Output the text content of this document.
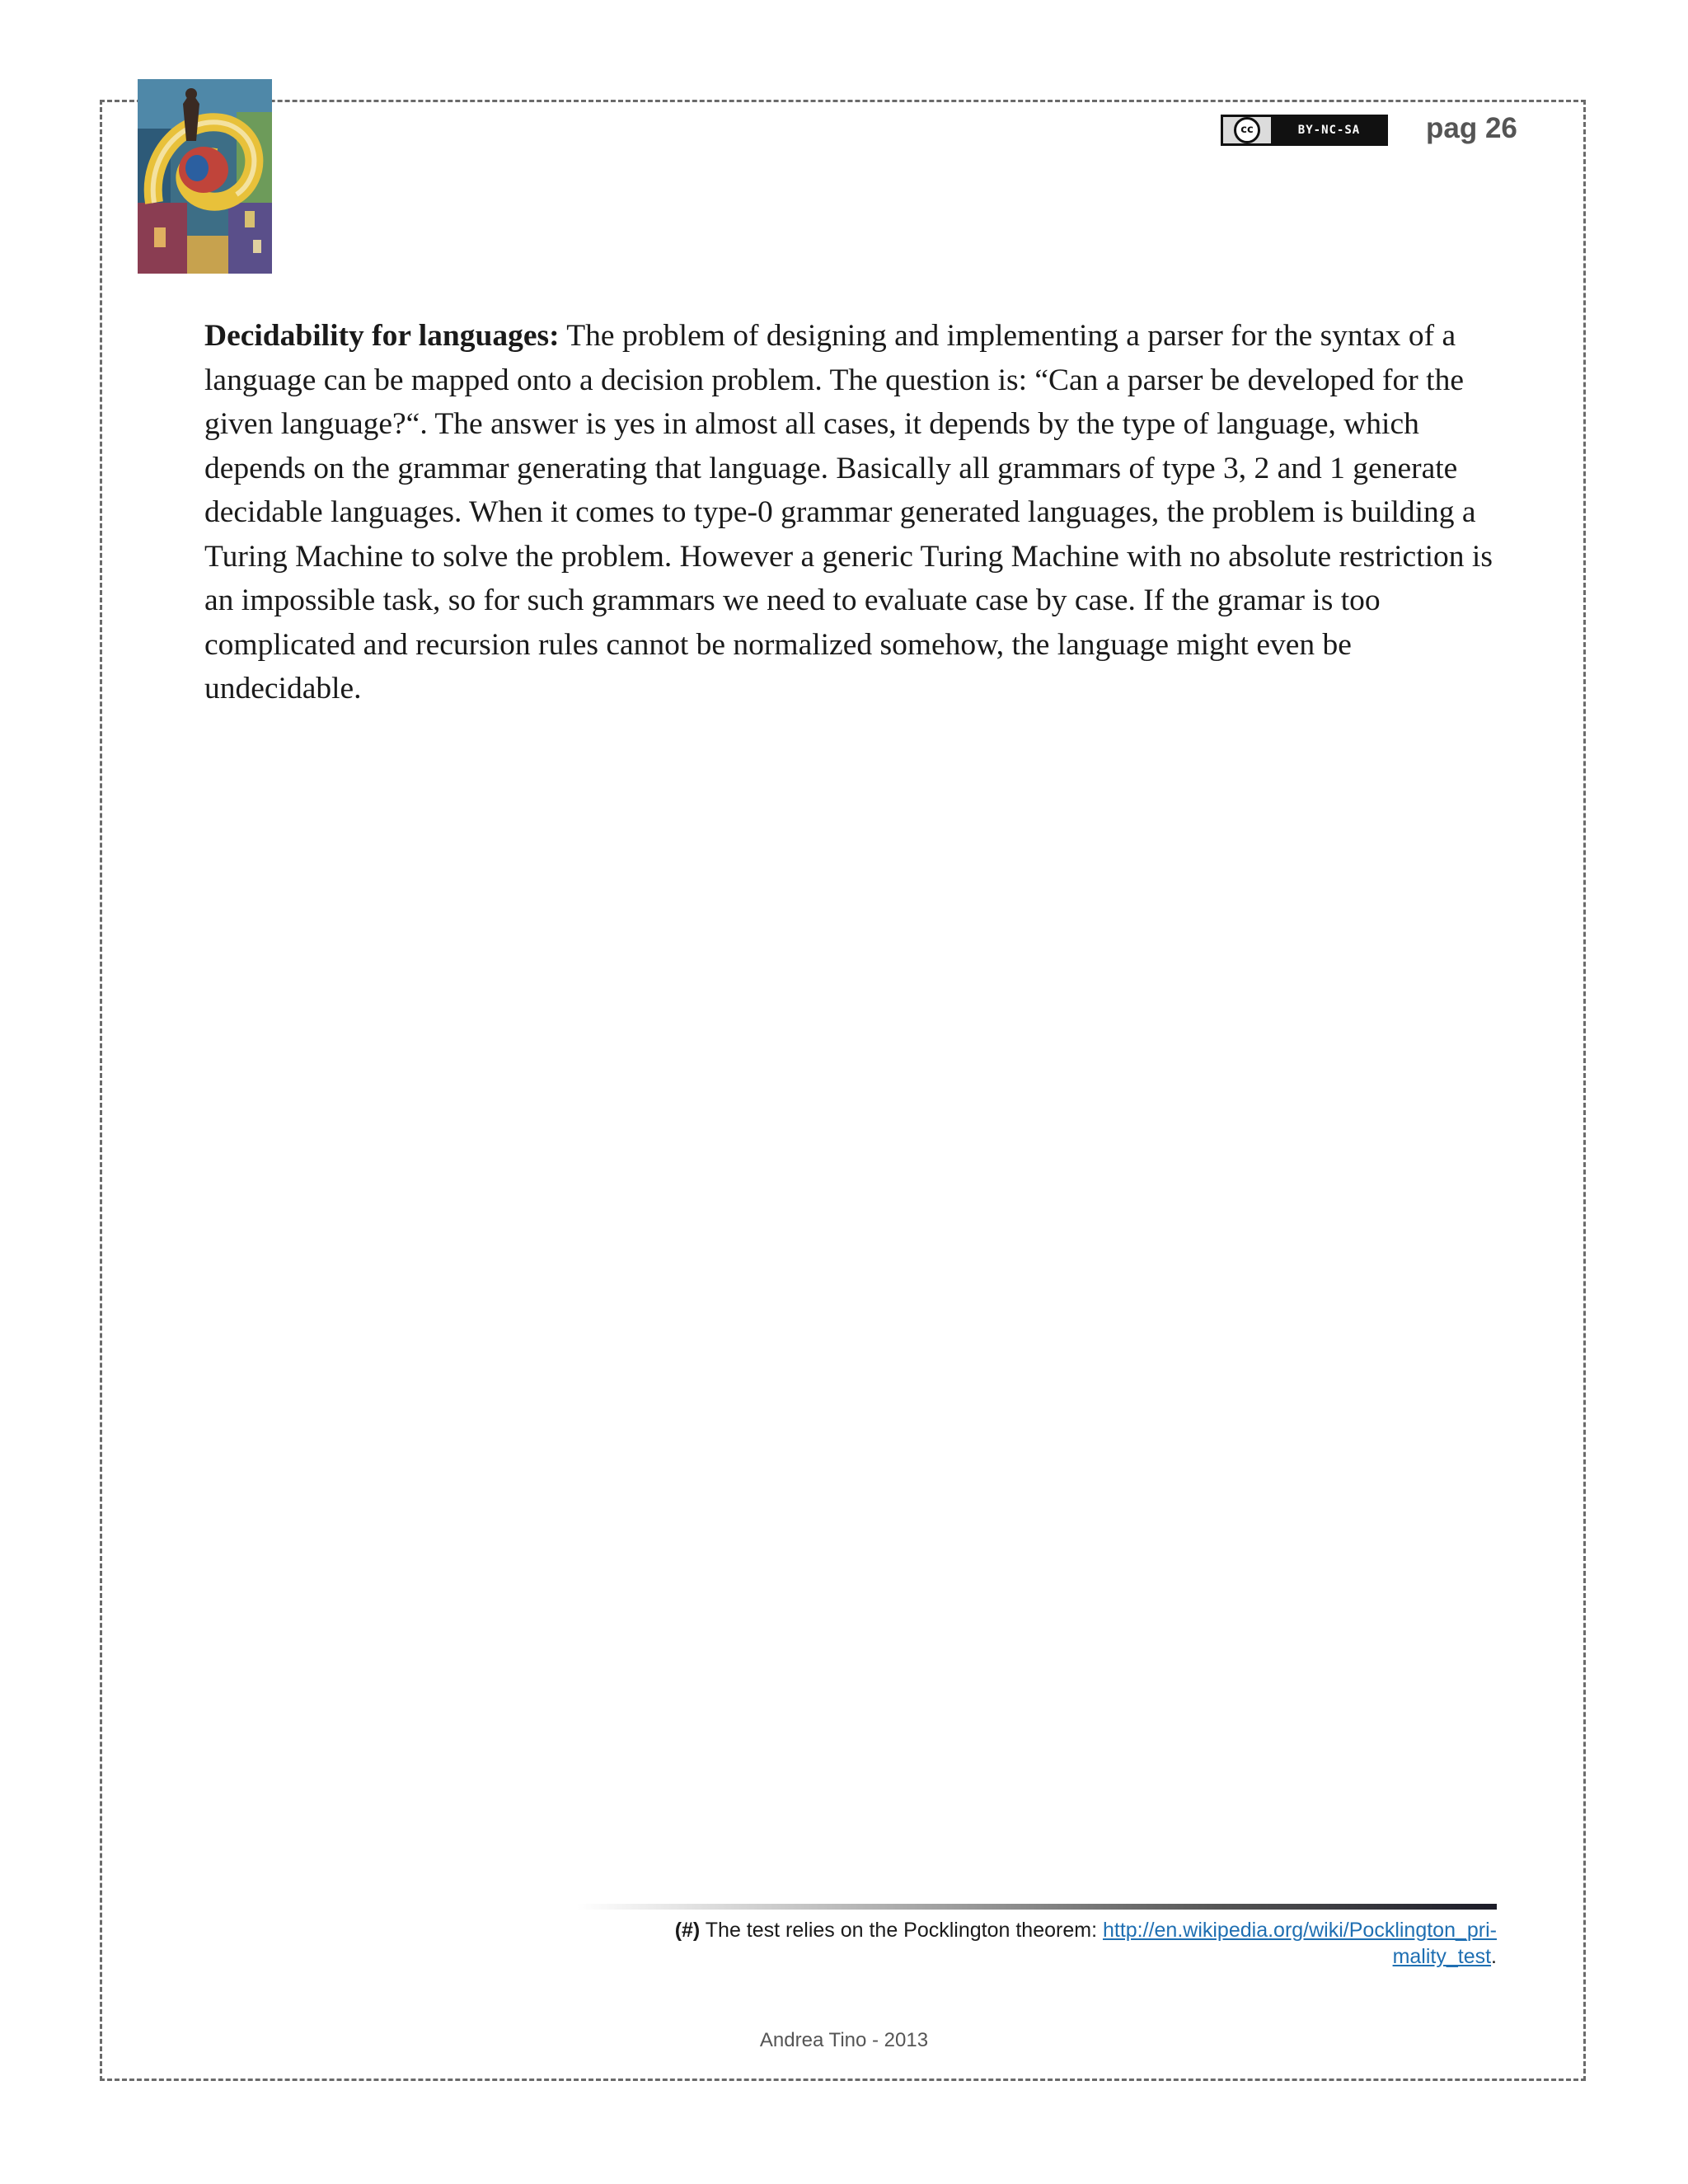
cc	BY-NC-SA	pag 26

Decidability for languages: The problem of designing and implementing a parser for the syntax of a language can be mapped onto a decision problem. The question is: “Can a parser be developed for the given language?“. The answer is yes in almost all cases, it depends by the type of language, which depends on the grammar generating that language. Basically all grammars of type 3, 2 and 1 generate decidable languages. When it comes to type-0 grammar generated languages, the problem is building a Turing Machine to solve the problem. However a generic Turing Machine with no absolute restriction is an impossible task, so for such grammars we need to evaluate case by case. If the gramar is too complicated and recursion rules cannot be normalized somehow, the language might even be undecidable.

(#) The test relies on the Pocklington theorem: http://en.wikipedia.org/wiki/Pocklington_pri-
mality_test.
Andrea Tino - 2013
